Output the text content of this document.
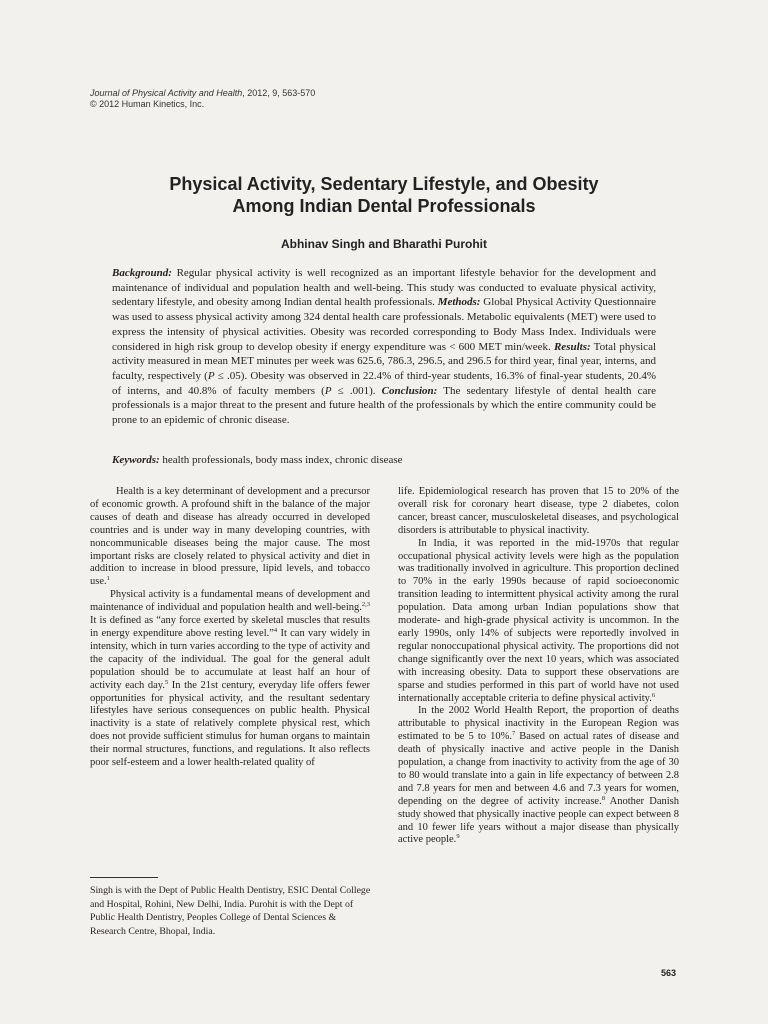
Journal of Physical Activity and Health, 2012, 9, 563-570
© 2012 Human Kinetics, Inc.
Physical Activity, Sedentary Lifestyle, and Obesity
Among Indian Dental Professionals
Abhinav Singh and Bharathi Purohit
Background: Regular physical activity is well recognized as an important lifestyle behavior for the development and maintenance of individual and population health and well-being. This study was conducted to evaluate physical activity, sedentary lifestyle, and obesity among Indian dental health professionals. Methods: Global Physical Activity Questionnaire was used to assess physical activity among 324 dental health care professionals. Metabolic equivalents (MET) were used to express the intensity of physical activities. Obesity was recorded corresponding to Body Mass Index. Individuals were considered in high risk group to develop obesity if energy expenditure was < 600 MET min/week. Results: Total physical activity measured in mean MET minutes per week was 625.6, 786.3, 296.5, and 296.5 for third year, final year, interns, and faculty, respectively (P ≤ .05). Obesity was observed in 22.4% of third-year students, 16.3% of final-year students, 20.4% of interns, and 40.8% of faculty members (P ≤ .001). Conclusion: The sedentary lifestyle of dental health care professionals is a major threat to the present and future health of the professionals by which the entire community could be prone to an epidemic of chronic disease.
Keywords: health professionals, body mass index, chronic disease

Health is a key determinant of development and a precursor of economic growth. A profound shift in the balance of the major causes of death and disease has already occurred in developed countries and is under way in many developing countries, with noncommunicable diseases being the major cause. The most important risks are closely related to physical activity and diet in addition to increase in blood pressure, lipid levels, and tobacco use.$^1$

Physical activity is a fundamental means of development and maintenance of individual and population health and well-being.$^{2,3}$ It is defined as “any force exerted by skeletal muscles that results in energy expenditure above resting level.”$^4$ It can vary widely in intensity, which in turn varies according to the type of activity and the capacity of the individual. The goal for the general adult population should be to accumulate at least half an hour of activity each day.$^5$ In the 21st century, everyday life offers fewer opportunities for physical activity, and the resultant sedentary lifestyles have serious consequences on public health. Physical inactivity is a state of relatively complete physical rest, which does not provide sufficient stimulus for human organs to maintain their normal structures, functions, and regulations. It also reflects poor self-esteem and a lower health-related quality of

life. Epidemiological research has proven that 15 to 20% of the overall risk for coronary heart disease, type 2 diabetes, colon cancer, breast cancer, musculoskeletal diseases, and psychological disorders is attributable to physical inactivity.

In India, it was reported in the mid-1970s that regular occupational physical activity levels were high as the population was traditionally involved in agriculture. This proportion declined to 70% in the early 1990s because of rapid socioeconomic transition leading to intermittent physical activity among the rural population. Data among urban Indian populations show that moderate- and high-grade physical activity is uncommon. In the early 1990s, only 14% of subjects were reportedly involved in regular nonoccupational physical activity. The proportions did not change significantly over the next 10 years, which was associated with increasing obesity. Data to support these observations are sparse and studies performed in this part of world have not used internationally acceptable criteria to define physical activity.$^6$

In the 2002 World Health Report, the proportion of deaths attributable to physical inactivity in the European Region was estimated to be 5 to 10%.$^7$ Based on actual rates of disease and death of physically inactive and active people in the Danish population, a change from inactivity to activity from the age of 30 to 80 would translate into a gain in life expectancy of between 2.8 and 7.8 years for men and between 4.6 and 7.3 years for women, depending on the degree of activity increase.$^8$ Another Danish study showed that physically inactive people can expect between 8 and 10 fewer life years without a major disease than physically active people.$^9$

Singh is with the Dept of Public Health Dentistry, ESIC Dental College and Hospital, Rohini, New Delhi, India. Purohit is with the Dept of Public Health Dentistry, Peoples College of Dental Sciences & Research Centre, Bhopal, India.
563
